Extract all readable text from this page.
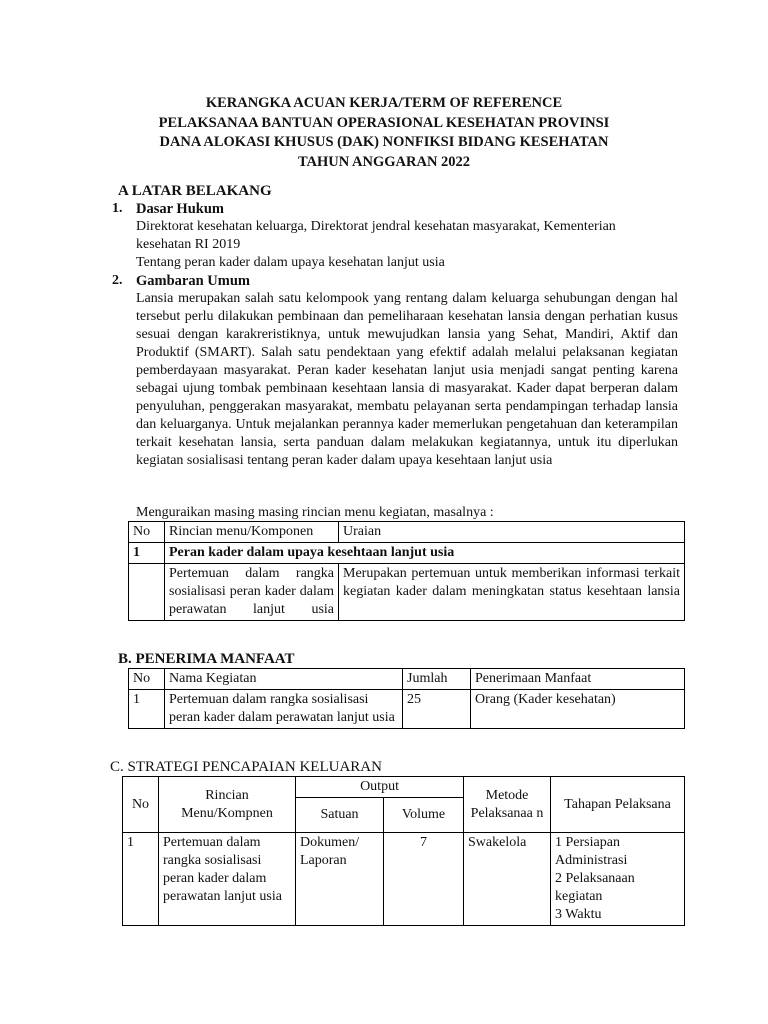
KERANGKA ACUAN KERJA/TERM OF REFERENCE
PELAKSANAA BANTUAN OPERASIONAL KESEHATAN PROVINSI
DANA ALOKASI KHUSUS (DAK) NONFIKSI BIDANG KESEHATAN
TAHUN ANGGARAN 2022
A LATAR BELAKANG
1. Dasar Hukum
Direktorat kesehatan keluarga, Direktorat jendral kesehatan masyarakat, Kementerian
kesehatan RI 2019
Tentang peran kader dalam upaya kesehatan lanjut usia
2. Gambaran Umum
Lansia merupakan salah satu kelompook yang rentang dalam keluarga sehubungan dengan hal tersebut perlu dilakukan pembinaan dan pemeliharaan kesehatan lansia dengan perhatian kusus sesuai dengan karakreristiknya, untuk mewujudkan lansia yang Sehat, Mandiri, Aktif dan Produktif (SMART). Salah satu pendektaan yang efektif adalah melalui pelaksanan kegiatan pemberdayaan masyarakat. Peran kader kesehatan lanjut usia menjadi sangat penting karena sebagai ujung tombak pembinaan kesehtaan lansia di masyarakat. Kader dapat berperan dalam penyuluhan, penggerakan masyarakat, membatu pelayanan serta pendampingan terhadap lansia dan keluarganya. Untuk mejalankan perannya kader memerlukan pengetahuan dan keterampilan terkait kesehatan lansia, serta panduan dalam melakukan kegiatannya, untuk itu diperlukan kegiatan sosialisasi tentang peran kader dalam upaya kesehtaan lanjut usia
Menguraikan masing masing rincian menu kegiatan, masalnya :
No	Rincian menu/Komponen	Uraian
1	Peran kader dalam upaya kesehtaan lanjut usia	
	Pertemuan dalam rangka sosialisasi peran kader dalam perawatan lanjut usia	Merupakan pertemuan untuk memberikan informasi terkait kegiatan kader dalam meningkatan status kesehtaan lansia
B. PENERIMA MANFAAT
No	Nama Kegiatan	Jumlah	Penerimaan Manfaat
1	Pertemuan dalam rangka sosialisasi peran kader dalam perawatan lanjut usia	25	Orang (Kader kesehatan)
C. STRATEGI PENCAPAIAN KELUARAN
No	Rincian Menu/Kompnen	Output		Metode Pelaksanaa n	Tahapan Pelaksana
		Satuan	Volume		
1	Pertemuan dalam rangka sosialisasi peran kader dalam perawatan lanjut usia	Dokumen/ Laporan	7	Swakelola	1 Persiapan
Administrasi
2 Pelaksanaan
kegiatan
3 Waktu
